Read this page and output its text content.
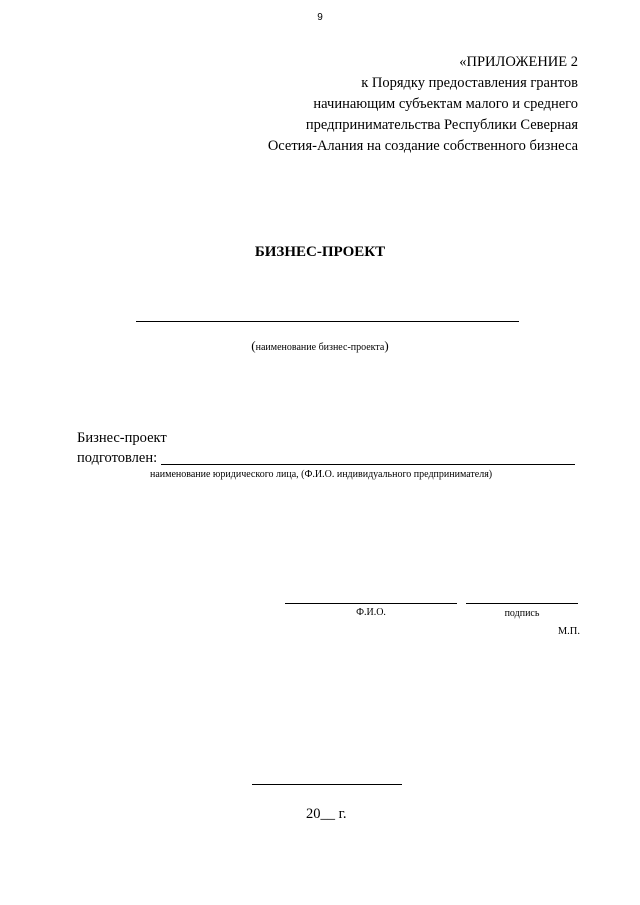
9
«ПРИЛОЖЕНИЕ 2
к Порядку предоставления грантов
начинающим субъектам малого и среднего
предпринимательства Республики Северная
Осетия-Алания на создание собственного бизнеса
БИЗНЕС-ПРОЕКТ
(наименование бизнес-проекта)
Бизнес-проект
подготовлен:
наименование юридического лица, (Ф.И.О. индивидуального предпринимателя)
Ф.И.О.	подпись
М.П.
20__ г.
